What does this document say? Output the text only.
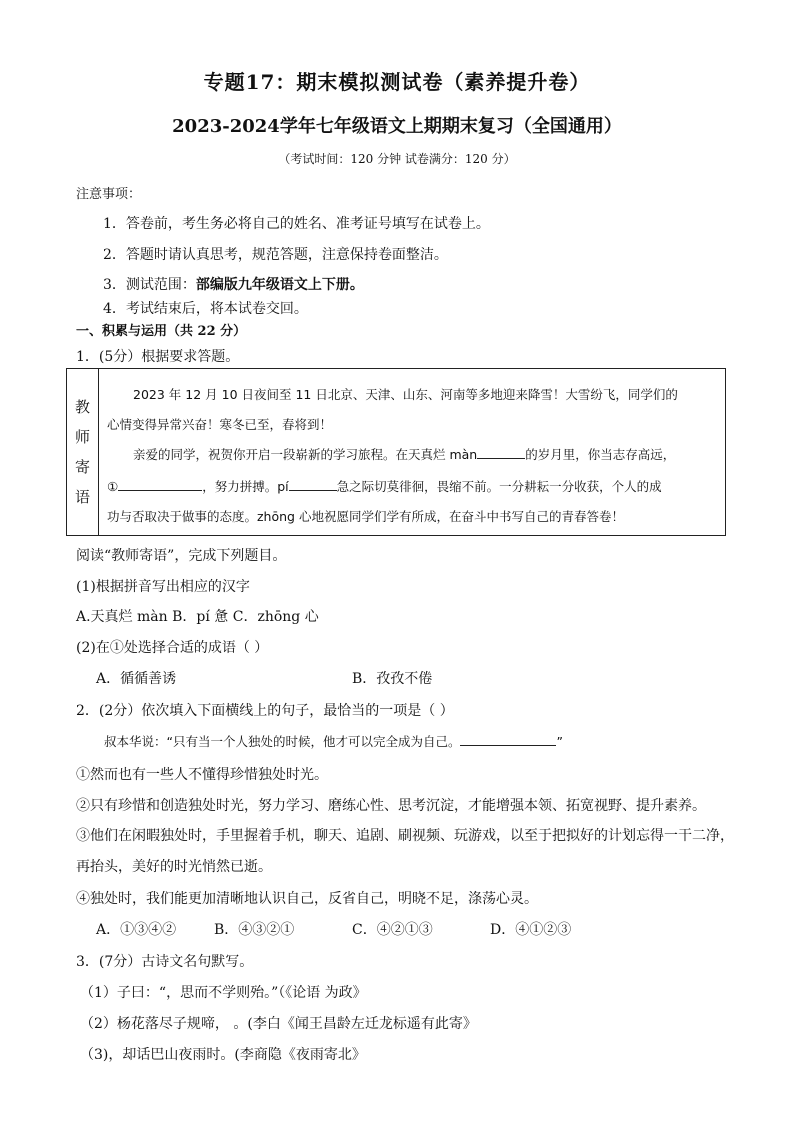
专题17：期末模拟测试卷（素养提升卷）
2023-2024学年七年级语文上期期末复习（全国通用）
（考试时间：120 分钟 试卷满分：120 分）
注意事项：
1．答卷前，考生务必将自己的姓名、准考证号填写在试卷上。
2．答题时请认真思考，规范答题，注意保持卷面整洁。
3．测试范围：部编版九年级语文上下册。
4．考试结束后，将本试卷交回。
一、积累与运用（共 22 分）
1．(5分）根据要求答题。
教
师
寄
语
2023 年 12 月 10 日夜间至 11 日北京、天津、山东、河南等多地迎来降雪！大雪纷飞，同学们的
心情变得异常兴奋！寒冬已至，春将到！
亲爱的同学，祝贺你开启一段崭新的学习旅程。在天真烂 màn	的岁月里，你当志存高远，
①	，努力拼搏。pí	急之际切莫徘徊，畏缩不前。一分耕耘一分收获，个人的成
功与否取决于做事的态度。zhōng 心地祝愿同学们学有所成，在奋斗中书写自己的青春答卷！
阅读“教师寄语”，完成下列题目。
(1)根据拼音写出相应的汉字
A.天真烂 màn B．pí 惫 C．zhōng 心
(2)在①处选择合适的成语（ ）
A．循循善诱	B．孜孜不倦
2．(2分）依次填入下面横线上的句子，最恰当的一项是（ ）
叔本华说：“只有当一个人独处的时候，他才可以完全成为自己。	”
①然而也有一些人不懂得珍惜独处时光。
②只有珍惜和创造独处时光，努力学习、磨练心性、思考沉淀，才能增强本领、拓宽视野、提升素养。
③他们在闲暇独处时，手里握着手机，聊天、追剧、刷视频、玩游戏，以至于把拟好的计划忘得一干二净，
再抬头，美好的时光悄然已逝。
④独处时，我们能更加清晰地认识自己，反省自己，明晓不足，涤荡心灵。
A．①③④②	B．④③②①	C．④②①③	D．④①②③
3．(7分）古诗文名句默写。
（1）子曰：“，思而不学则殆。”（《论语 为政》
（2）杨花落尽子规啼， 。(李白《闻王昌龄左迁龙标遥有此寄》
（3)，却话巴山夜雨时。(李商隐《夜雨寄北》
